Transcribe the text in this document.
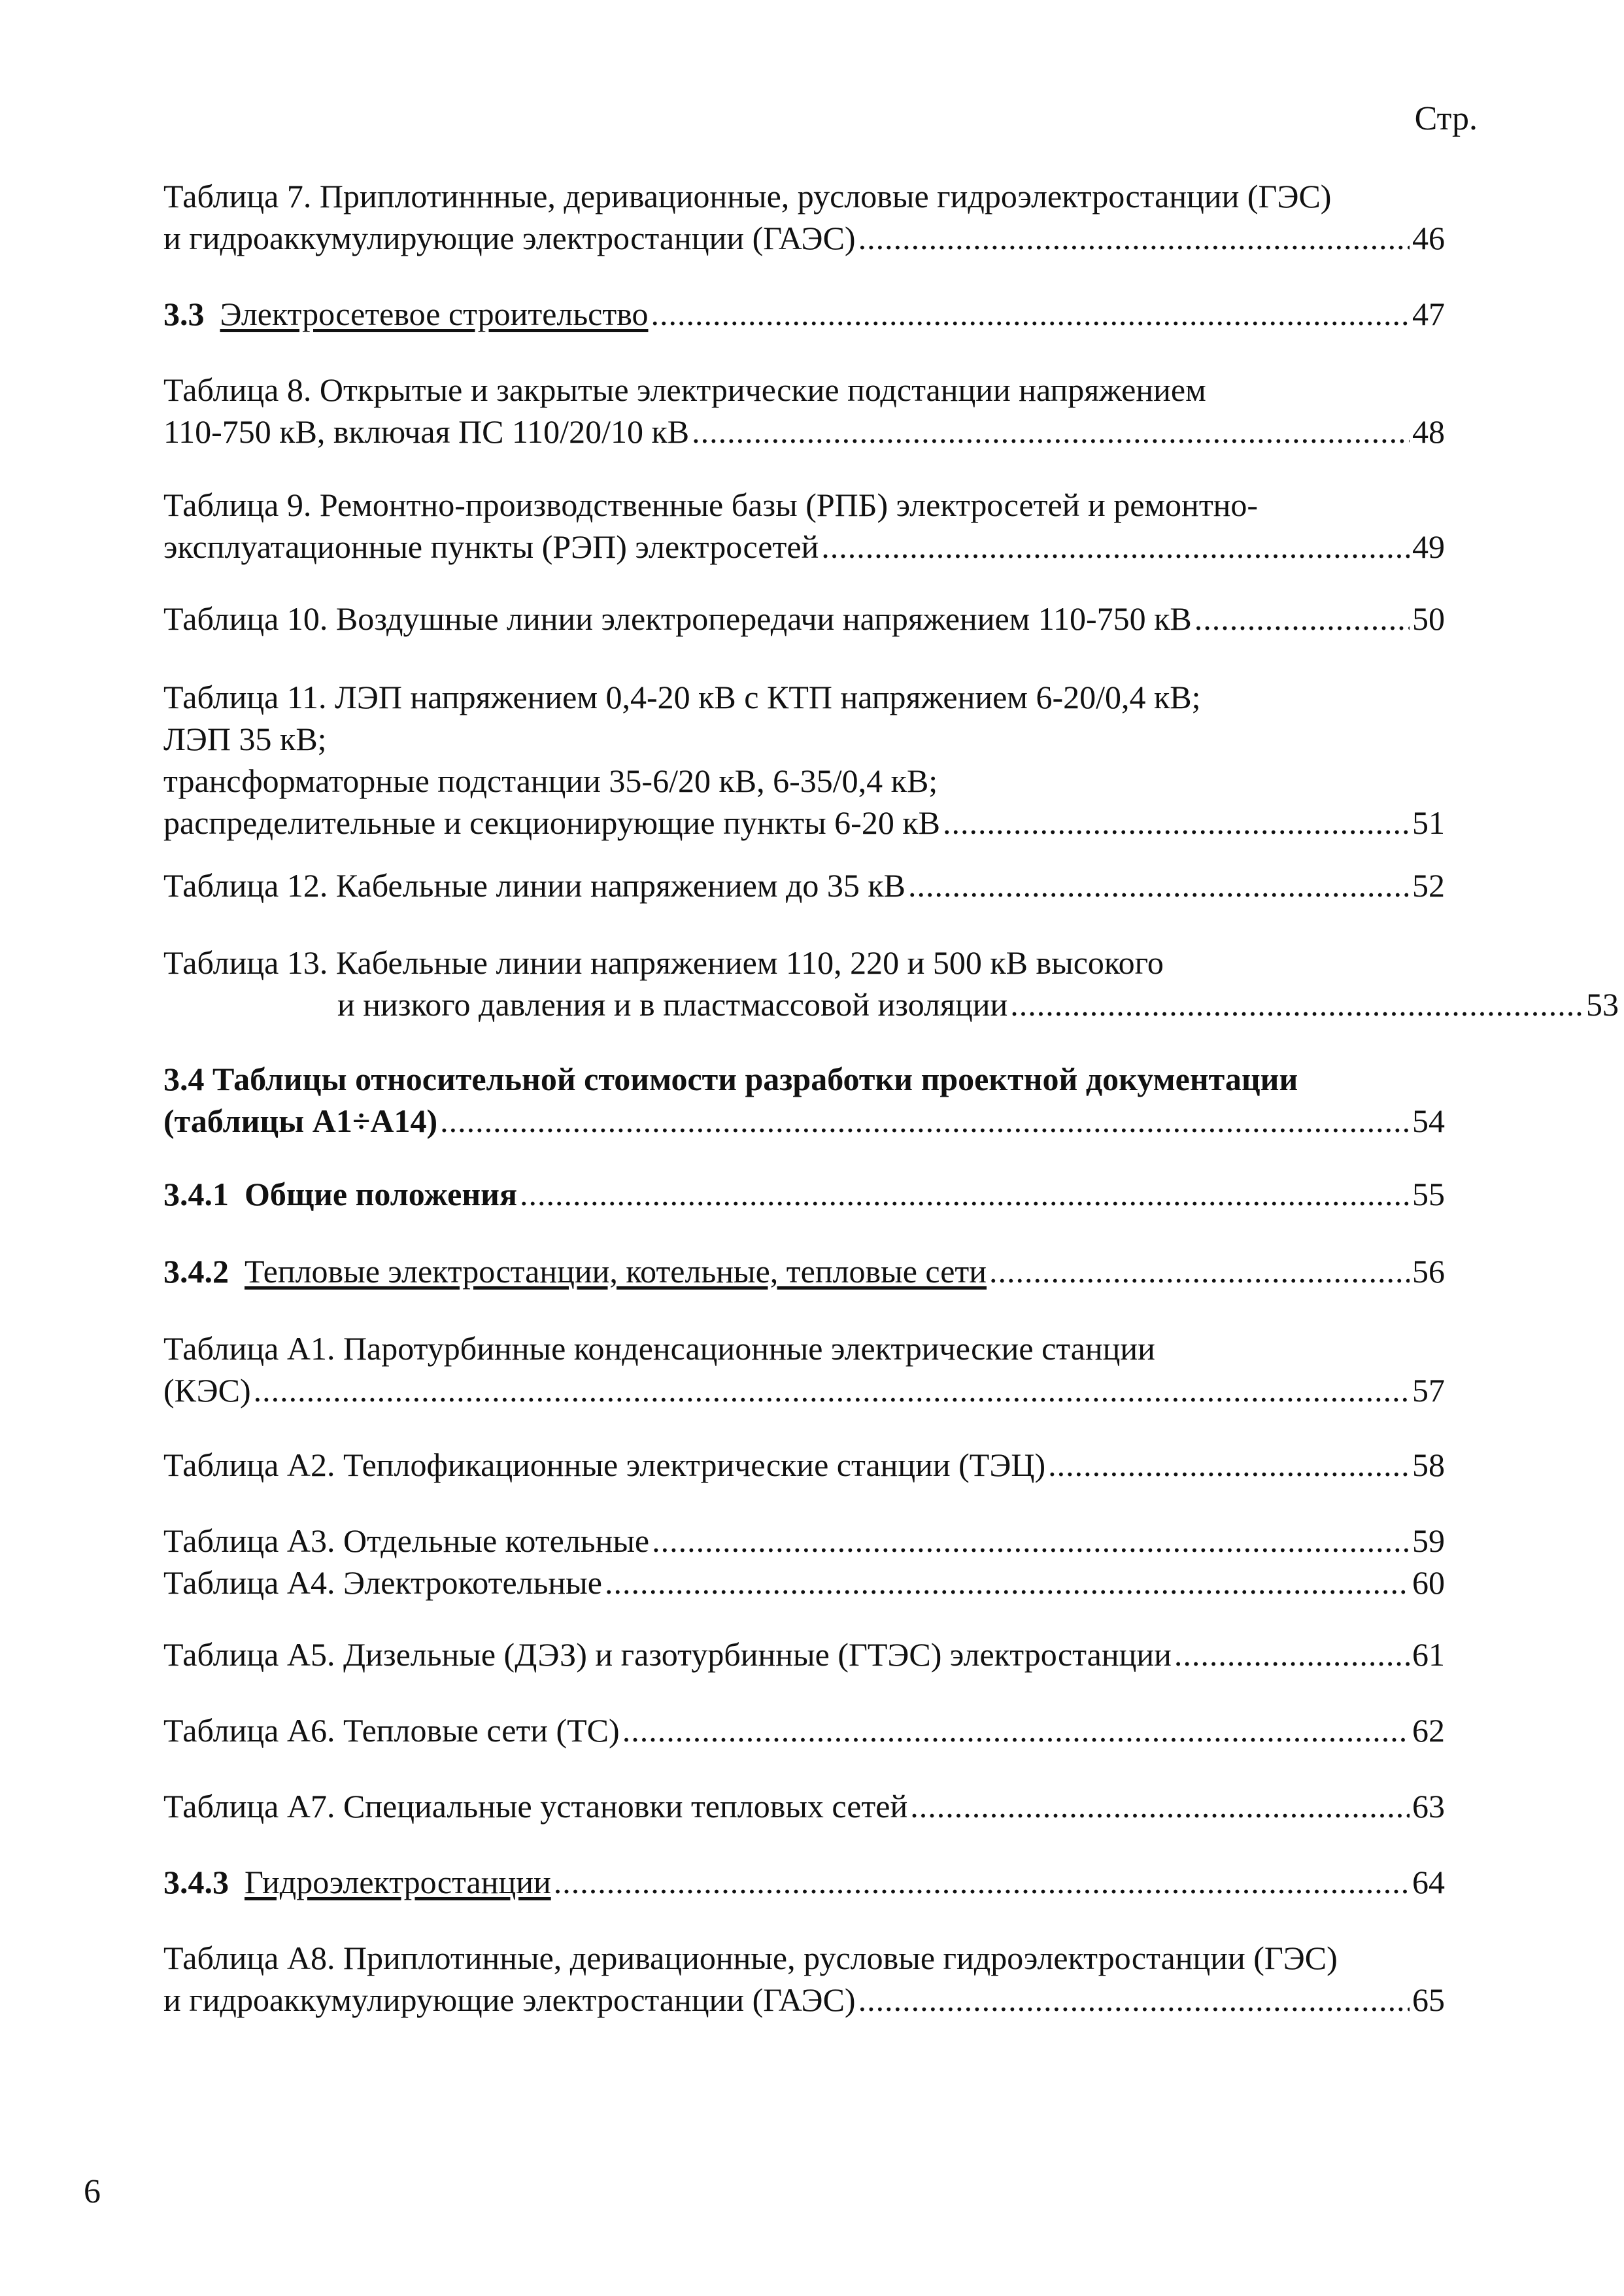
Стр.
Таблица 7. Приплотиннные, деривационные, русловые гидроэлектростанции (ГЭС)
и гидроаккумулирующие электростанции (ГАЭС) .....	46
3.3 Электросетевое строительство .....	47
Таблица 8. Открытые и закрытые электрические подстанции напряжением
110-750 кВ, включая ПС 110/20/10 кВ .....	48
Таблица 9. Ремонтно-производственные базы (РПБ) электросетей и ремонтно-
эксплуатационные пункты (РЭП) электросетей .....	49
Таблица 10. Воздушные линии электропередачи напряжением 110-750 кВ .....	50
Таблица 11. ЛЭП напряжением 0,4-20 кВ с КТП напряжением 6-20/0,4 кВ;
ЛЭП 35 кВ;
трансформаторные подстанции 35-6/20 кВ, 6-35/0,4 кВ;
распределительные и секционирующие пункты 6-20 кВ .....	51
Таблица 12. Кабельные линии напряжением до 35 кВ .....	52
Таблица 13. Кабельные линии напряжением 110, 220 и 500 кВ высокого
и низкого давления и в пластмассовой изоляции .....	53
3.4 Таблицы относительной стоимости разработки проектной документации
(таблицы А1÷А14) .....	54
3.4.1 Общие положения .....	55
3.4.2 Тепловые электростанции, котельные, тепловые сети .....	56
Таблица А1. Паротурбинные конденсационные электрические станции
(КЭС) .....	57
Таблица А2. Теплофикационные электрические станции (ТЭЦ) .....	58
Таблица А3. Отдельные котельные .....	59
Таблица А4. Электрокотельные .....	60
Таблица А5. Дизельные (ДЭЗ) и газотурбинные (ГТЭС) электростанции .....	61
Таблица А6. Тепловые сети (ТС) .....	62
Таблица А7. Специальные установки тепловых сетей .....	63
3.4.3 Гидроэлектростанции .....	64
Таблица А8. Приплотинные, деривационные, русловые гидроэлектростанции (ГЭС)
и гидроаккумулирующие электростанции (ГАЭС) .....	65
6
